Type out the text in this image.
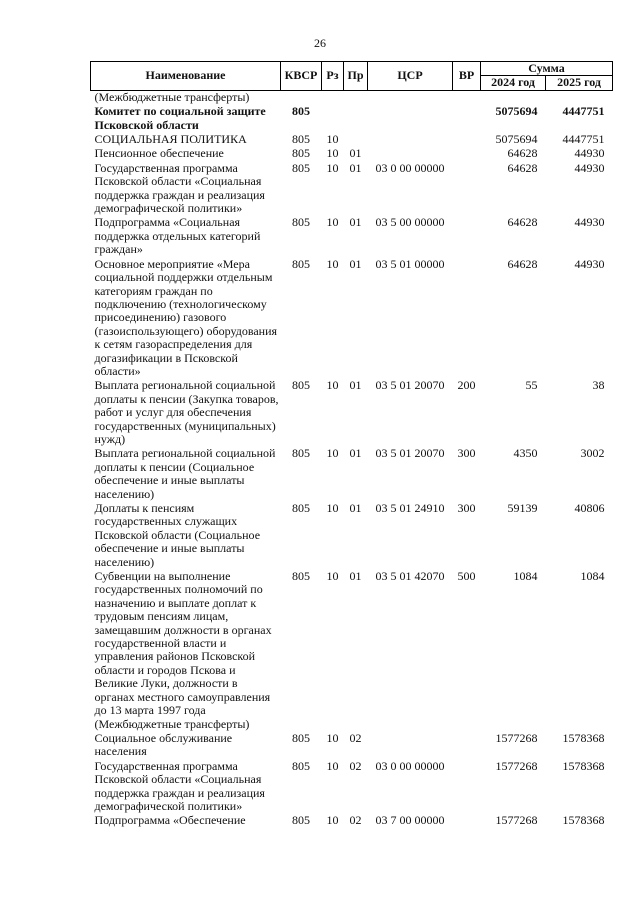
26
Наименование	КВСР	Рз	Пр	ЦСР	ВР	Сумма	
						2024 год	2025 год
(Межбюджетные трансферты)							
Комитет по социальной защите Псковской области	805					5075694	4447751
СОЦИАЛЬНАЯ ПОЛИТИКА	805	10				5075694	4447751
Пенсионное обеспечение	805	10	01			64628	44930
Государственная программа Псковской области «Социальная поддержка граждан и реализация демографической политики»	805	10	01	03 0 00 00000		64628	44930
Подпрограмма «Социальная поддержка отдельных категорий граждан»	805	10	01	03 5 00 00000		64628	44930
Основное мероприятие «Мера социальной поддержки отдельным категориям граждан по подключению (технологическому присоединению) газового (газоиспользующего) оборудования к сетям газораспределения для догазификации в Псковской области»	805	10	01	03 5 01 00000		64628	44930
Выплата региональной социальной доплаты к пенсии (Закупка товаров, работ и услуг для обеспечения государственных (муниципальных) нужд)	805	10	01	03 5 01 20070	200	55	38
Выплата региональной социальной доплаты к пенсии (Социальное обеспечение и иные выплаты населению)	805	10	01	03 5 01 20070	300	4350	3002
Доплаты к пенсиям государственных служащих Псковской области (Социальное обеспечение и иные выплаты населению)	805	10	01	03 5 01 24910	300	59139	40806
Субвенции на выполнение государственных полномочий по назначению и выплате доплат к трудовым пенсиям лицам, замещавшим должности в органах государственной власти и управления районов Псковской области и городов Пскова и Великие Луки, должности в органах местного самоуправления до 13 марта 1997 года (Межбюджетные трансферты)	805	10	01	03 5 01 42070	500	1084	1084
Социальное обслуживание населения	805	10	02			1577268	1578368
Государственная программа Псковской области «Социальная поддержка граждан и реализация демографической политики»	805	10	02	03 0 00 00000		1577268	1578368
Подпрограмма «Обеспечение	805	10	02	03 7 00 00000		1577268	1578368
